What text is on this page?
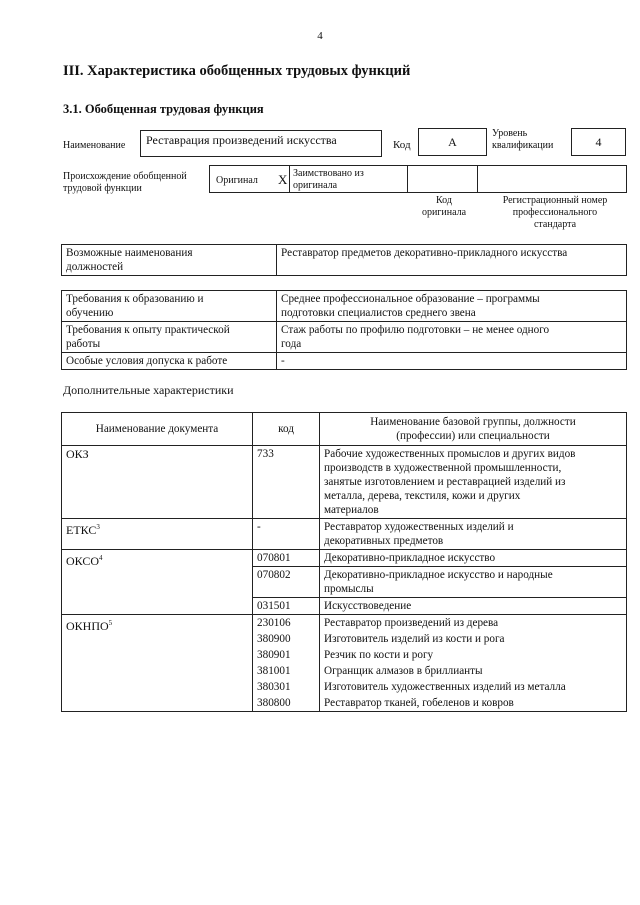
4
III. Характеристика обобщенных трудовых функций
3.1. Обобщенная трудовая функция
Наименование	Реставрация произведений искусства	Код	А
Уровень
квалификации	4
Происхождение обобщенной
трудовой функции
Оригинал X Заимствовано из
оригинала
Код
оригинала
Регистрационный номер
профессионального
стандарта
Возможные наименования
должностей
	Реставратор предметов декоративно-прикладного искусства
Требования к образованию и
обучению	Среднее профессиональное образование – программы
подготовки специалистов среднего звена

Требования к опыту практической
работы	Стаж работы по профилю подготовки – не менее одного
года

Особые условия допуска к работе	-
Дополнительные характеристики
Наименование документа	код	Наименование базовой группы, должности
(профессии) или специальности

ОКЗ	733	Рабочие художественных промыслов и других видов
производств в художественной промышленности,
занятые изготовлением и реставрацией изделий из
металла, дерева, текстиля, кожи и других
материалов

ЕТКС$^3$	-	Реставратор художественных изделий и
декоративных предметов

ОКСО$^4$	070801	Декоративно-прикладное искусство
	070802	Декоративно-прикладное искусство и народные
промыслы

	031501	Искусствоведение
ОКНПО$^5$	230106	Реставратор произведений из дерева
	380900	Изготовитель изделий из кости и рога
	380901	Резчик по кости и рогу
	381001	Огранщик алмазов в бриллианты
	380301	Изготовитель художественных изделий из металла
	380800	Реставратор тканей, гобеленов и ковров
